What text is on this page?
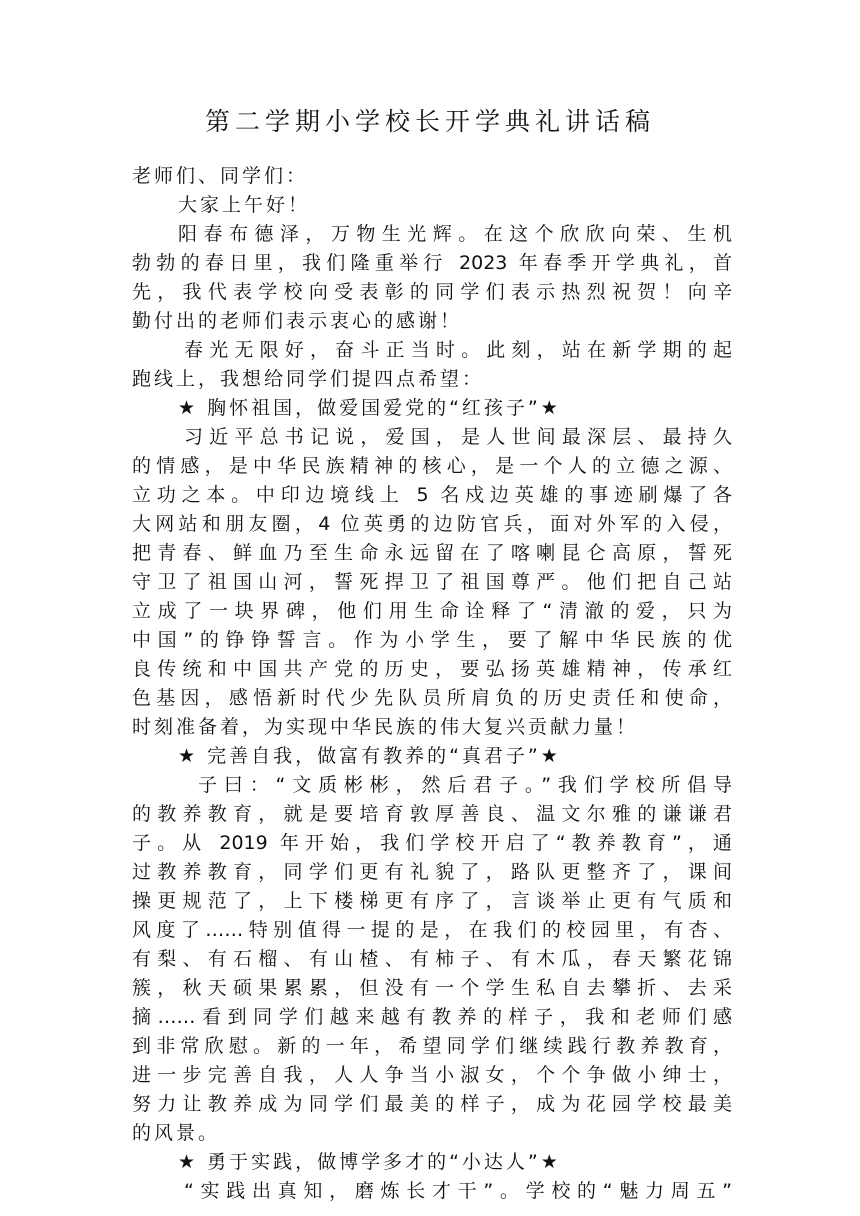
第二学期小学校长开学典礼讲话稿
老师们、同学们：
大家上午好！
阳春布德泽，万物生光辉。在这个欣欣向荣、生机
勃勃的春日里，我们隆重举行 2023 年春季开学典礼，首
先，我代表学校向受表彰的同学们表示热烈祝贺！向辛
勤付出的老师们表示衷心的感谢！
春光无限好，奋斗正当时。此刻，站在新学期的起
跑线上，我想给同学们提四点希望：
★ 胸怀祖国，做爱国爱党的“红孩子”★
习近平总书记说，爱国，是人世间最深层、最持久
的情感，是中华民族精神的核心，是一个人的立德之源、
立功之本。中印边境线上 5 名戍边英雄的事迹刷爆了各
大网站和朋友圈，4 位英勇的边防官兵，面对外军的入侵，
把青春、鲜血乃至生命永远留在了喀喇昆仑高原，誓死
守卫了祖国山河，誓死捍卫了祖国尊严。他们把自己站
立成了一块界碑，他们用生命诠释了“清澈的爱，只为
中国”的铮铮誓言。作为小学生，要了解中华民族的优
良传统和中国共产党的历史，要弘扬英雄精神，传承红
色基因，感悟新时代少先队员所肩负的历史责任和使命，
时刻准备着，为实现中华民族的伟大复兴贡献力量！
★ 完善自我，做富有教养的“真君子”★
子曰：“文质彬彬，然后君子。”我们学校所倡导
的教养教育，就是要培育敦厚善良、温文尔雅的谦谦君
子。从 2019 年开始，我们学校开启了“教养教育”，通
过教养教育，同学们更有礼貌了，路队更整齐了，课间
操更规范了，上下楼梯更有序了，言谈举止更有气质和
风度了……特别值得一提的是，在我们的校园里，有杏、
有梨、有石榴、有山楂、有柿子、有木瓜，春天繁花锦
簇，秋天硕果累累，但没有一个学生私自去攀折、去采
摘……看到同学们越来越有教养的样子，我和老师们感
到非常欣慰。新的一年，希望同学们继续践行教养教育，
进一步完善自我，人人争当小淑女，个个争做小绅士，
努力让教养成为同学们最美的样子，成为花园学校最美
的风景。
★ 勇于实践，做博学多才的“小达人”★
“实践出真知，磨炼长才干”。学校的“魅力周五”
